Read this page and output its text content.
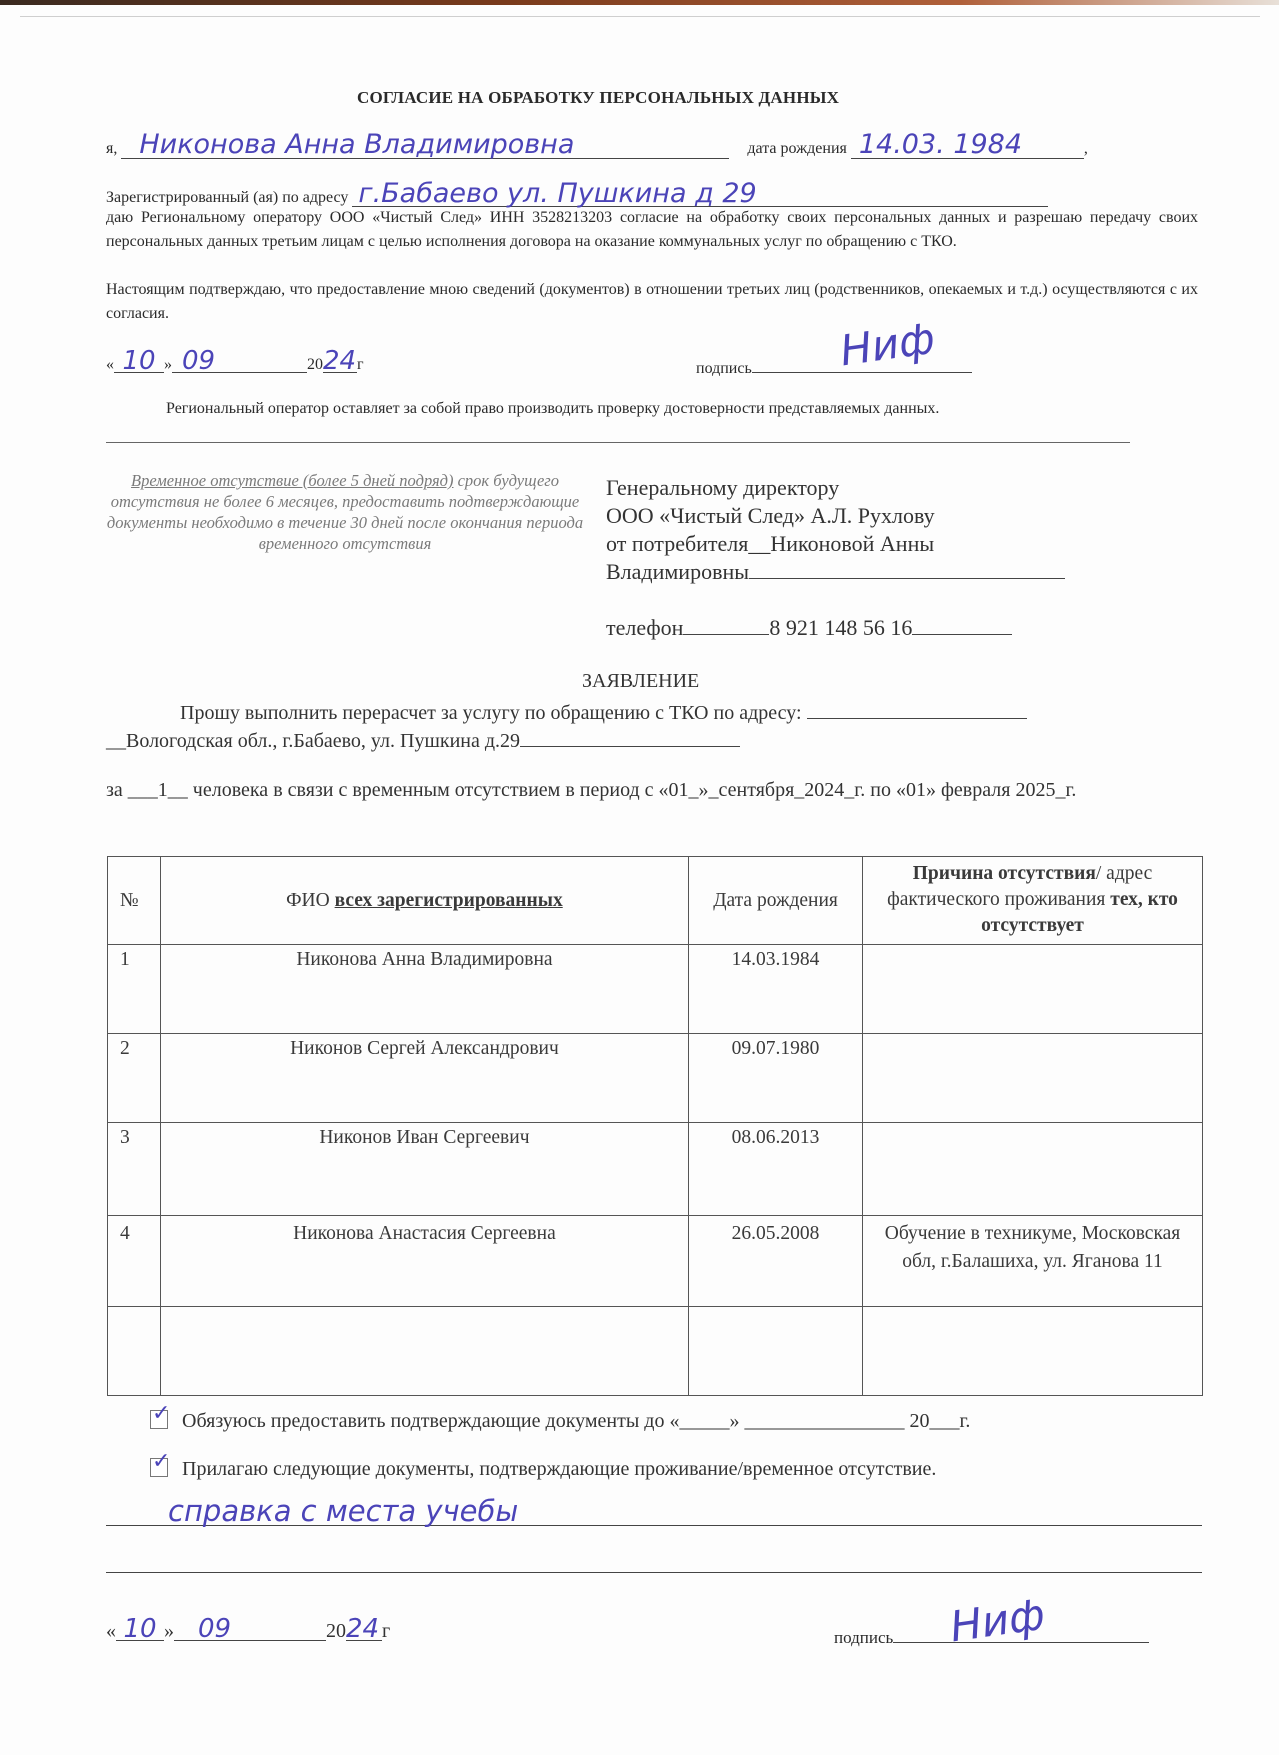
СОГЛАСИЕ НА ОБРАБОТКУ ПЕРСОНАЛЬНЫХ ДАННЫХ
я, Никонова Анна Владимировна	дата рождения 14.03. 1984	,
Зарегистрированный (ая) по адресу г.Бабаево ул. Пушкина д 29
даю Региональному оператору ООО «Чистый След» ИНН 3528213203 согласие на обработку своих персональных данных и разрешаю передачу своих персональных данных третьим лицам с целью исполнения договора на оказание коммунальных услуг по обращению с ТКО.
Настоящим подтверждаю, что предоставление мною сведений (документов) в отношении третьих лиц (родственников, опекаемых и т.д.) осуществляются с их согласия.
« 10 » 09	2024г	подпись	Ниф
Региональный оператор оставляет за собой право производить проверку достоверности представляемых данных.
Временное отсутствие (более 5 дней подряд) срок будущего отсутствия не более 6 месяцев, предоставить подтверждающие документы необходимо в течение 30 дней после окончания периода временного отсутствия
Генеральному директору
ООО «Чистый След» А.Л. Рухлову
от потребителя__Никоновой Анны
Владимировны
телефон	8 921 148 56 16
ЗАЯВЛЕНИЕ
Прошу выполнить перерасчет за услугу по обращению с ТКО по адресу:
__Вологодская обл., г.Бабаево, ул. Пушкина д.29
за ___1__ человека в связи с временным отсутствием в период с «01_»_сентября_2024_г. по «01» февраля 2025_г.
№	ФИО всех зарегистрированных	Дата рождения	Причина отсутствия/ адрес фактического проживания тех, кто отсутствует
1	Никонова Анна Владимировна	14.03.1984	
2	Никонов Сергей Александрович	09.07.1980	
3	Никонов Иван Сергеевич	08.06.2013	
4	Никонова Анастасия Сергеевна	26.05.2008	Обучение в техникуме, Московская обл, г.Балашиха, ул. Яганова 11

✓ Обязуюсь предоставить подтверждающие документы до «_____» ________________ 20___г.
✓ Прилагаю следующие документы, подтверждающие проживание/временное отсутствие.
справка с места учебы
« 10 » 09	2024 г	подпись	Ниф
